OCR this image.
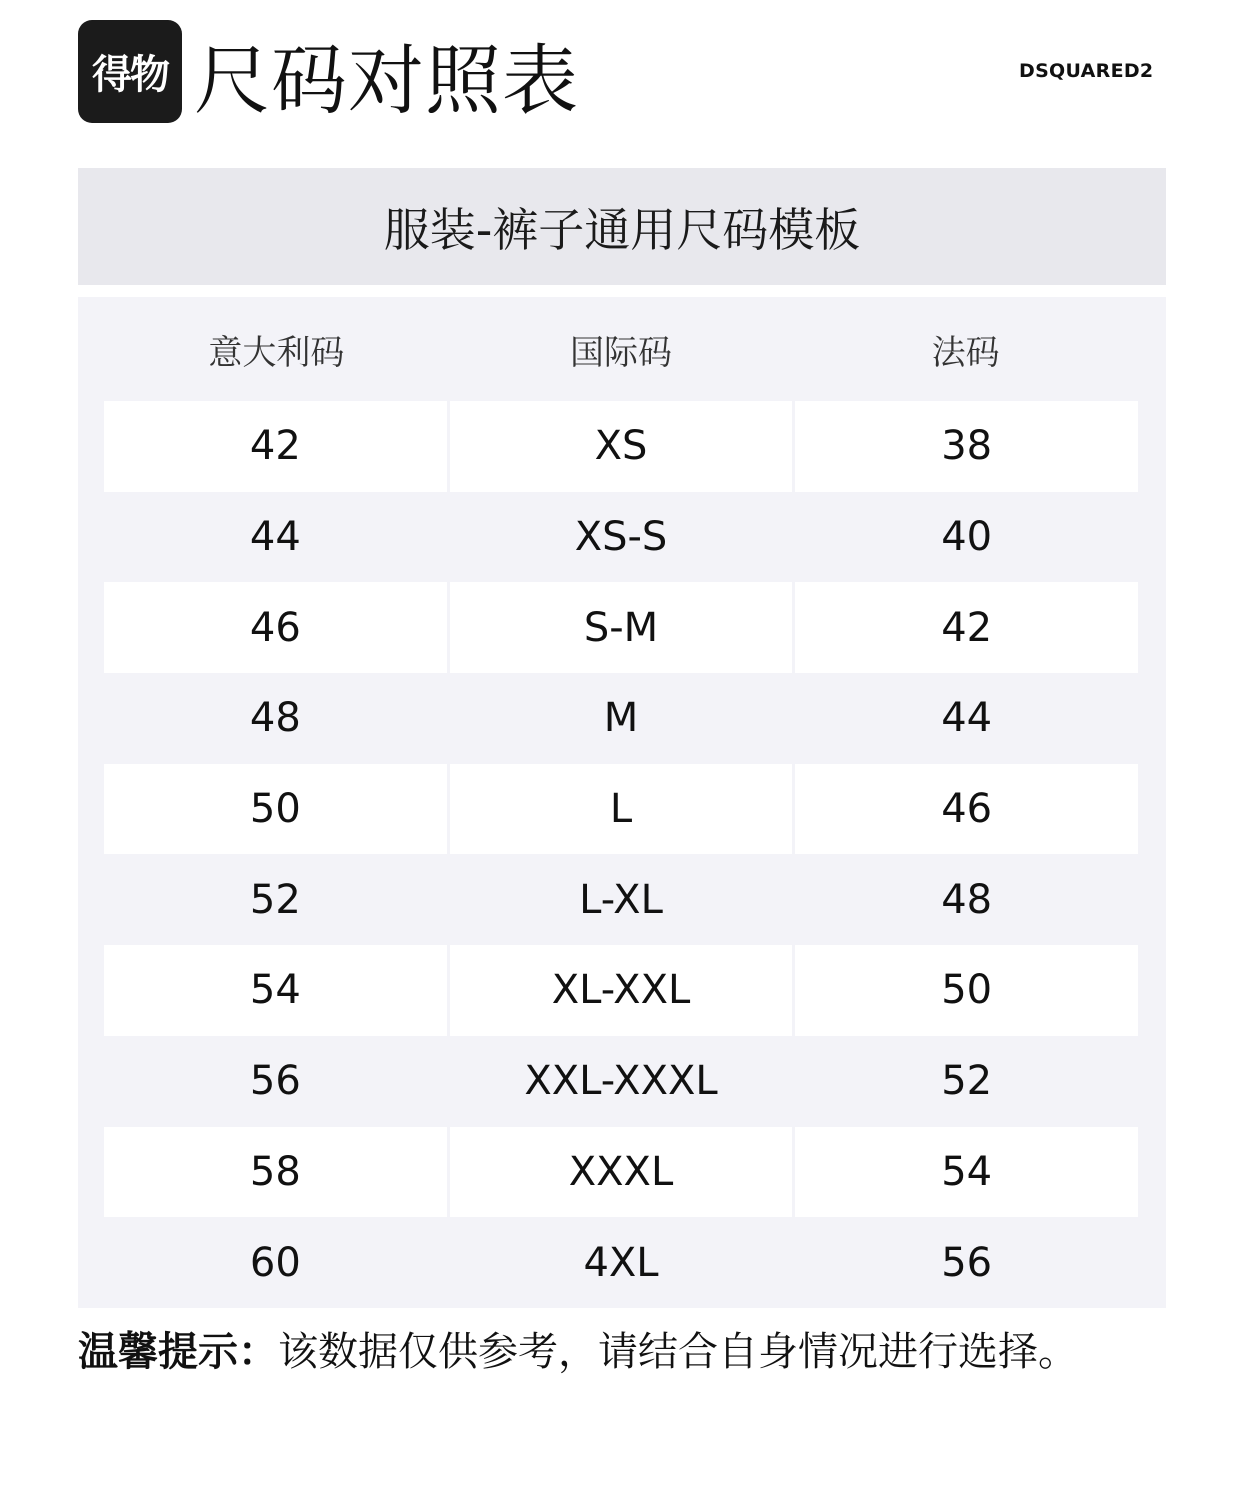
得物 尺码对照表	DSQUARED2
服装-裤子通用尺码模板
意大利码	国际码	法码
42	XS	38
44	XS-S	40
46	S-M	42
48	M	44
50	L	46
52	L-XL	48
54	XL-XXL	50
56	XXL-XXXL	52
58	XXXL	54
60	4XL	56
温馨提示：该数据仅供参考，请结合自身情况进行选择。
